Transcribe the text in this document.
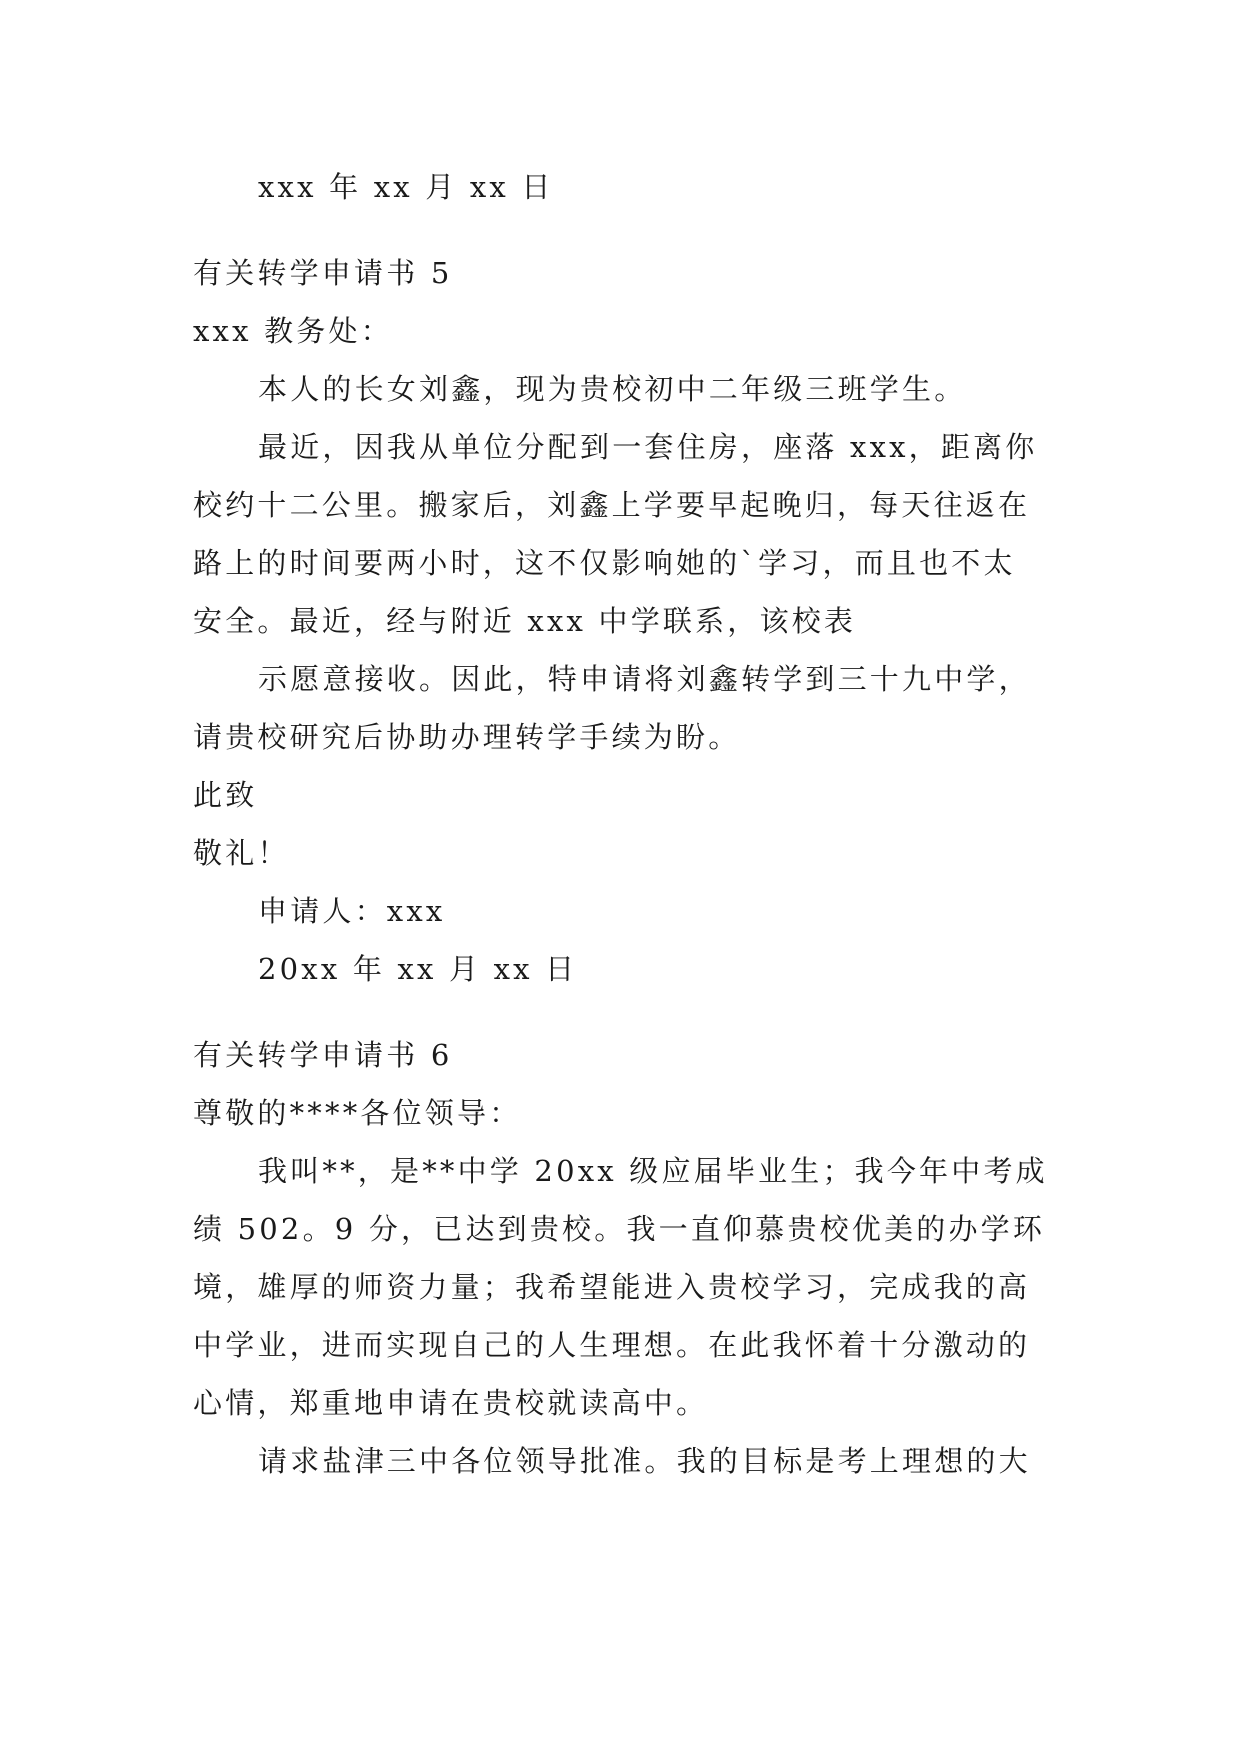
xxx 年 xx 月 xx 日
有关转学申请书 5
xxx 教务处：
本人的长女刘鑫，现为贵校初中二年级三班学生。
最近，因我从单位分配到一套住房，座落 xxx，距离你
校约十二公里。搬家后，刘鑫上学要早起晚归，每天往返在
路上的时间要两小时，这不仅影响她的`学习，而且也不太
安全。最近，经与附近 xxx 中学联系，该校表
示愿意接收。因此，特申请将刘鑫转学到三十九中学，
请贵校研究后协助办理转学手续为盼。
此致
敬礼！
申请人：xxx
20xx 年 xx 月 xx 日
有关转学申请书 6
尊敬的****各位领导：
我叫**，是**中学 20xx 级应届毕业生；我今年中考成
绩 502。9 分，已达到贵校。我一直仰慕贵校优美的办学环
境，雄厚的师资力量；我希望能进入贵校学习，完成我的高
中学业，进而实现自己的人生理想。在此我怀着十分激动的
心情，郑重地申请在贵校就读高中。
请求盐津三中各位领导批准。我的目标是考上理想的大
